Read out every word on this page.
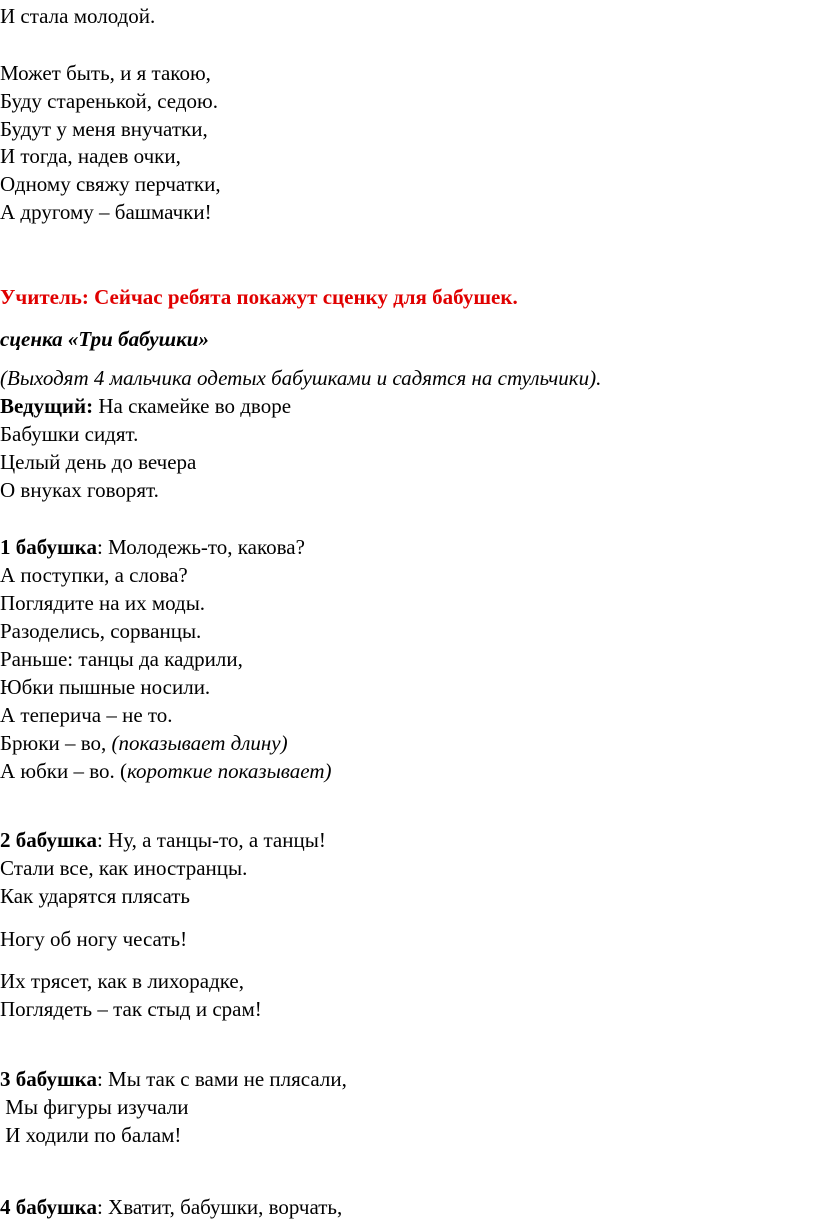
И стала молодой.

Может быть, и я такою,

Буду старенькой, седою.

Будут у меня внучатки,

И тогда, надев очки,

Одному свяжу перчатки,

А другому – башмачки!

Учитель: Сейчас ребята покажут сценку для бабушек.

сценка «Три бабушки»

(Выходят 4 мальчика одетых бабушками и садятся на стульчики).

Ведущий: На скамейке во дворе

Бабушки сидят.

Целый день до вечера

О внуках говорят.

1 бабушка: Молодежь-то, какова?

А поступки, а слова?

Поглядите на их моды.

Разоделись, сорванцы.

Раньше: танцы да кадрили,

Юбки пышные носили.

А теперича – не то.

Брюки – во, (показывает длину)

А юбки – во. (короткие показывает)

2 бабушка: Ну, а танцы-то, а танцы!

Стали все, как иностранцы.

Как ударятся плясать

Ногу об ногу чесать!

Их трясет, как в лихорадке,

Поглядеть – так стыд и срам!

3 бабушка: Мы так с вами не плясали,

Мы фигуры изучали

И ходили по балам!

4 бабушка: Хватит, бабушки, ворчать,
